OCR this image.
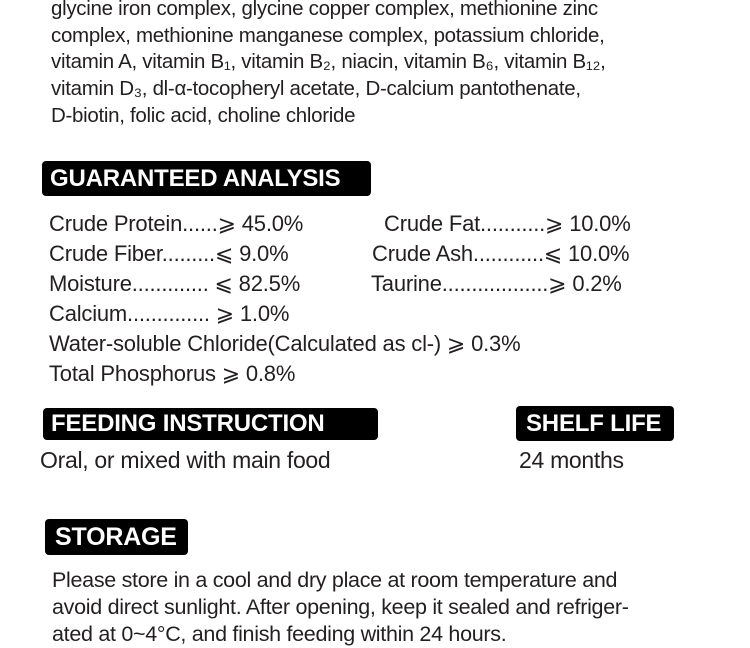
glycine iron complex, glycine copper complex, methionine zinc

complex, methionine manganese complex, potassium chloride,

vitamin A, vitamin B₁, vitamin B₂, niacin, vitamin B₆, vitamin B₁₂,

vitamin D₃, dl-α-tocopheryl acetate, D-calcium pantothenate,

D-biotin, folic acid, choline chloride

GUARANTEED ANALYSIS
Crude Protein......⩾ 45.0%	Crude Fat...........⩾ 10.0%
Crude Fiber.........⩽ 9.0%	Crude Ash............⩽ 10.0%
Moisture............. ⩽ 82.5%	Taurine..................⩾ 0.2%
Calcium.............. ⩾ 1.0%
Water-soluble Chloride(Calculated as cl-) ⩾ 0.3%
Total Phosphorus ⩾ 0.8%
FEEDING INSTRUCTION
Oral, or mixed with main food
SHELF LIFE
24 months
STORAGE

Please store in a cool and dry place at room temperature and

avoid direct sunlight. After opening, keep it sealed and refriger-

ated at 0~4°C, and finish feeding within 24 hours.
